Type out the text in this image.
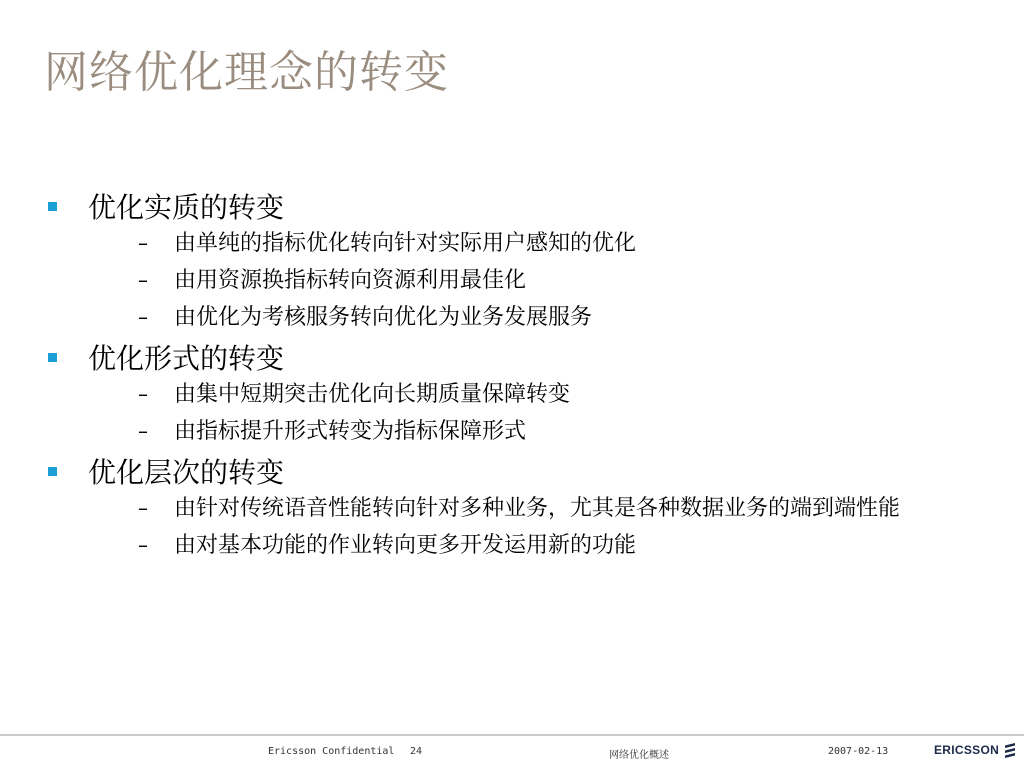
网络优化理念的转变
优化实质的转变
– 由单纯的指标优化转向针对实际用户感知的优化
– 由用资源换指标转向资源利用最佳化
– 由优化为考核服务转向优化为业务发展服务
优化形式的转变
– 由集中短期突击优化向长期质量保障转变
– 由指标提升形式转变为指标保障形式
优化层次的转变
– 由针对传统语音性能转向针对多种业务，尤其是各种数据业务的端到端性能
– 由对基本功能的作业转向更多开发运用新的功能
Ericsson Confidential 24	网络优化概述	2007-02-13	ERICSSON
